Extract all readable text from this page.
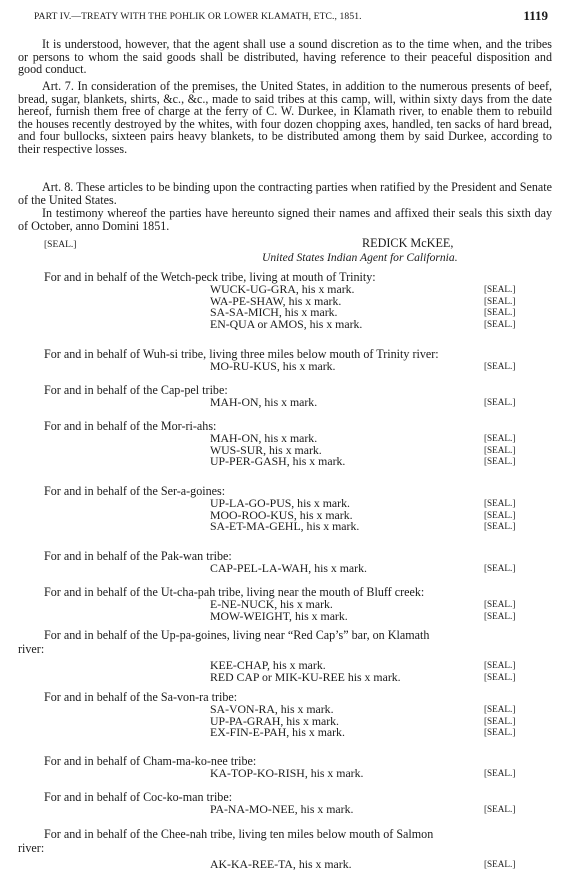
PART IV.—TREATY WITH THE POHLIK OR LOWER KLAMATH, ETC., 1851.	1119
It is understood, however, that the agent shall use a sound discretion as to the time when, and the tribes or persons to whom the said goods shall be distributed, having reference to their peaceful disposition and good conduct.
Art. 7. In consideration of the premises, the United States, in addition to the numerous presents of beef, bread, sugar, blankets, shirts, &c., &c., made to said tribes at this camp, will, within sixty days from the date hereof, furnish them free of charge at the ferry of C. W. Durkee, in Klamath river, to enable them to rebuild the houses recently destroyed by the whites, with four dozen chopping axes, handled, ten sacks of hard bread, and four bullocks, sixteen pairs heavy blankets, to be distributed among them by said Durkee, according to their respective losses.
Art. 8. These articles to be binding upon the contracting parties when ratified by the President and Senate of the United States.
In testimony whereof the parties have hereunto signed their names and affixed their seals this sixth day of October, anno Domini 1851.
[SEAL.]	REDICK McKEE,
United States Indian Agent for California.
For and in behalf of the Wetch-peck tribe, living at mouth of Trinity:
WUCK-UG-GRA, his x mark.	[SEAL.]
WA-PE-SHAW, his x mark.	[SEAL.]
SA-SA-MICH, his x mark.	[SEAL.]
EN-QUA or AMOS, his x mark.	[SEAL.]
For and in behalf of Wuh-si tribe, living three miles below mouth of Trinity river:
MO-RU-KUS, his x mark.	[SEAL.]
For and in behalf of the Cap-pel tribe:
MAH-ON, his x mark.	[SEAL.]
For and in behalf of the Mor-ri-ahs:
MAH-ON, his x mark.	[SEAL.]
WUS-SUR, his x mark.	[SEAL.]
UP-PER-GASH, his x mark.	[SEAL.]
For and in behalf of the Ser-a-goines:
UP-LA-GO-PUS, his x mark.	[SEAL.]
MOO-ROO-KUS, his x mark.	[SEAL.]
SA-ET-MA-GEHL, his x mark.	[SEAL.]
For and in behalf of the Pak-wan tribe:
CAP-PEL-LA-WAH, his x mark.	[SEAL.]
For and in behalf of the Ut-cha-pah tribe, living near the mouth of Bluff creek:
E-NE-NUCK, his x mark.	[SEAL.]
MOW-WEIGHT, his x mark.	[SEAL.]
For and in behalf of the Up-pa-goines, living near “Red Cap’s” bar, on Klamath
river:
KEE-CHAP, his x mark.	[SEAL.]
RED CAP or MIK-KU-REE his x mark.	[SEAL.]
For and in behalf of the Sa-von-ra tribe:
SA-VON-RA, his x mark.	[SEAL.]
UP-PA-GRAH, his x mark.	[SEAL.]
EX-FIN-E-PAH, his x mark.	[SEAL.]
For and in behalf of Cham-ma-ko-nee tribe:
KA-TOP-KO-RISH, his x mark.	[SEAL.]
For and in behalf of Coc-ko-man tribe:
PA-NA-MO-NEE, his x mark.	[SEAL.]
For and in behalf of the Chee-nah tribe, living ten miles below mouth of Salmon
river:
AK-KA-REE-TA, his x mark.	[SEAL.]
